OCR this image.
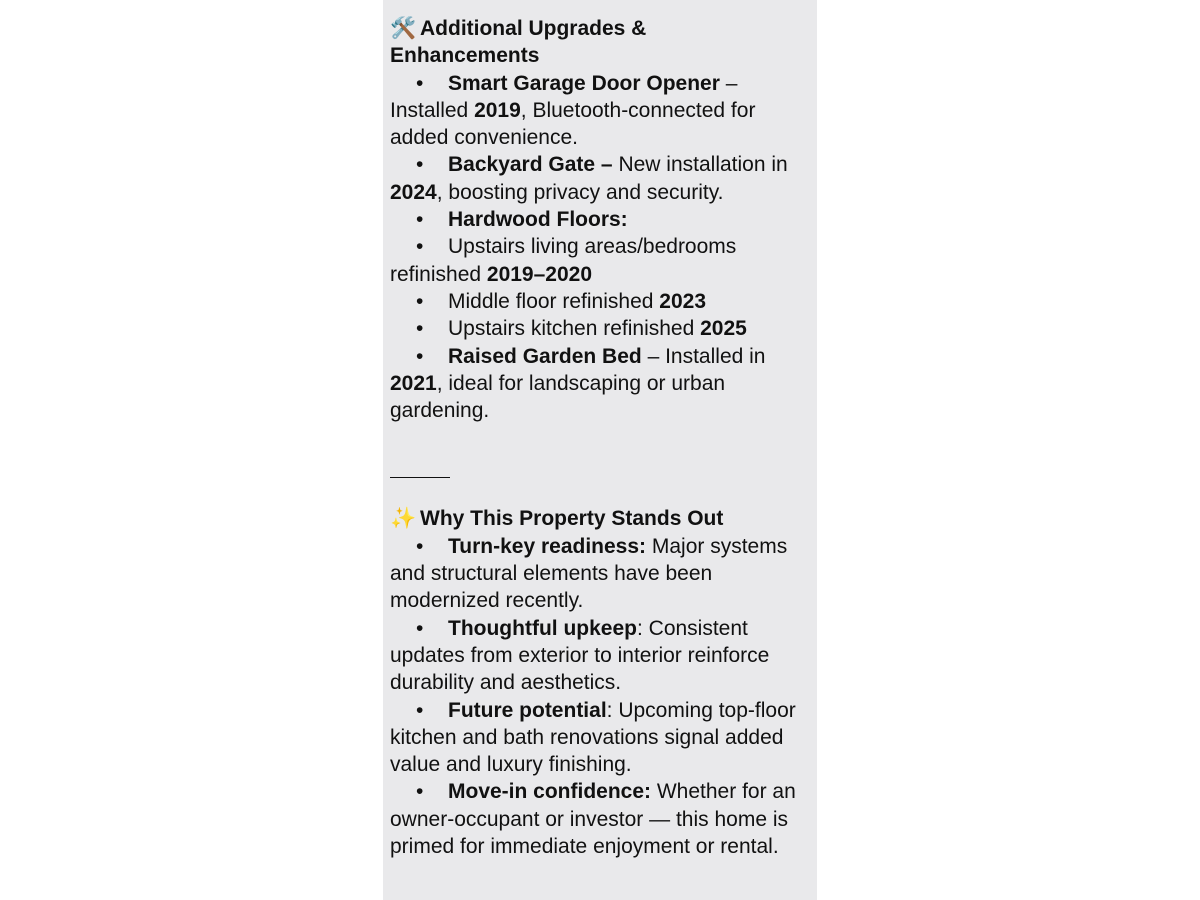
🛠️ Additional Upgrades &
Enhancements
• Smart Garage Door Opener – Installed 2019, Bluetooth-connected for added convenience.
• Backyard Gate – New installation in 2024, boosting privacy and security.
• Hardwood Floors:
• Upstairs living areas/bedrooms refinished 2019–2020
• Middle floor refinished 2023
• Upstairs kitchen refinished 2025
• Raised Garden Bed – Installed in 2021, ideal for landscaping or urban gardening.
✨ Why This Property Stands Out
• Turn-key readiness: Major systems and structural elements have been modernized recently.
• Thoughtful upkeep: Consistent updates from exterior to interior reinforce durability and aesthetics.
• Future potential: Upcoming top-floor kitchen and bath renovations signal added value and luxury finishing.
• Move-in confidence: Whether for an owner-occupant or investor — this home is primed for immediate enjoyment or rental.
